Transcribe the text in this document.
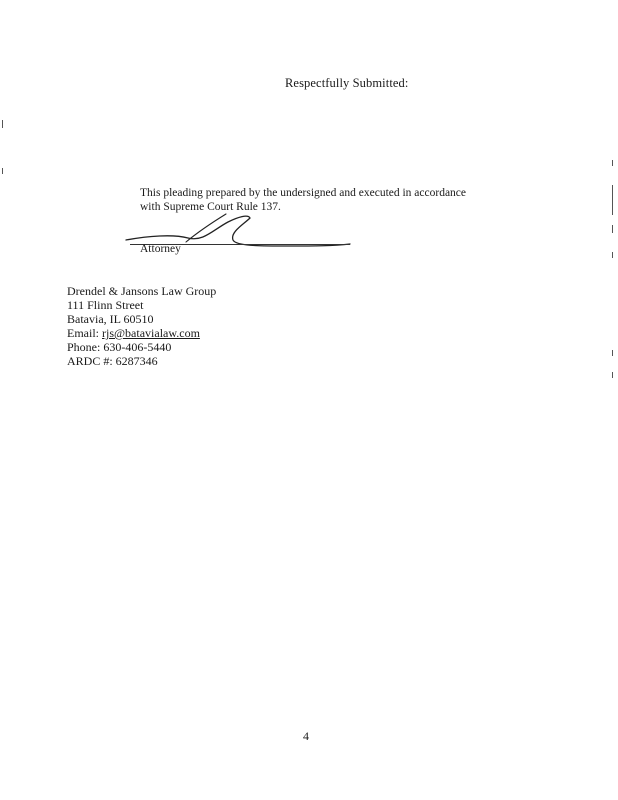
Respectfully Submitted:
This pleading prepared by the undersigned and executed in accordance
with Supreme Court Rule 137.
Attorney
Drendel & Jansons Law Group
111 Flinn Street
Batavia, IL 60510
Email: rjs@batavialaw.com
Phone: 630-406-5440
ARDC #: 6287346
4
